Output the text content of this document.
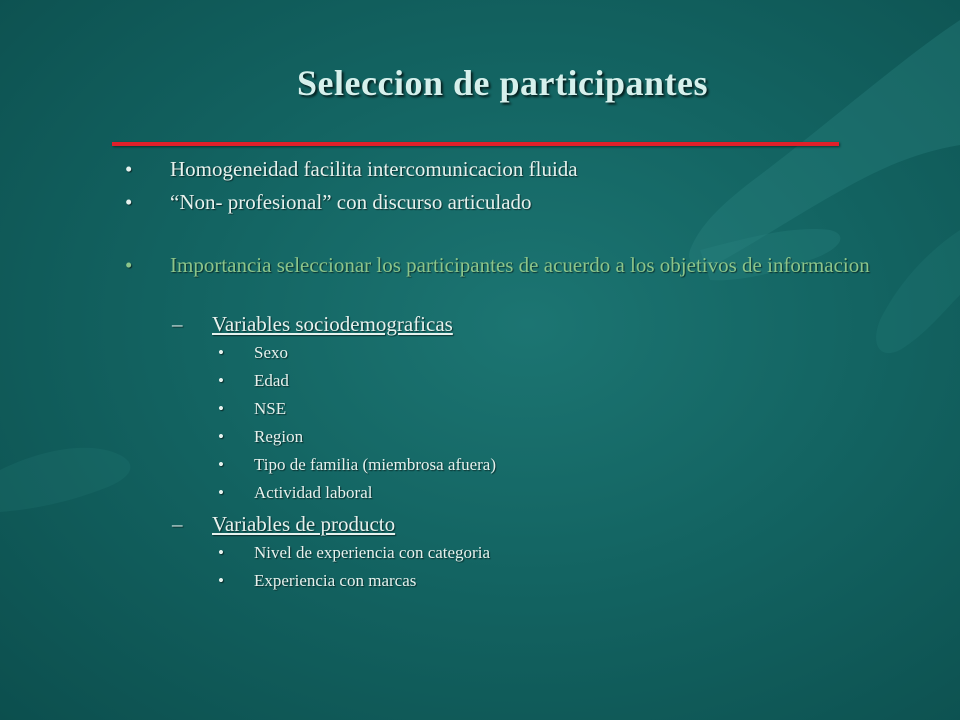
Seleccion de participantes
• Homogeneidad facilita intercomunicacion fluida
• “Non- profesional” con discurso articulado
• Importancia seleccionar los participantes de acuerdo a los objetivos de informacion
– Variables sociodemograficas
• Sexo
• Edad
• NSE
• Region
• Tipo de familia (miembrosa afuera)
• Actividad laboral
– Variables de producto
• Nivel de experiencia con categoria
• Experiencia con marcas
